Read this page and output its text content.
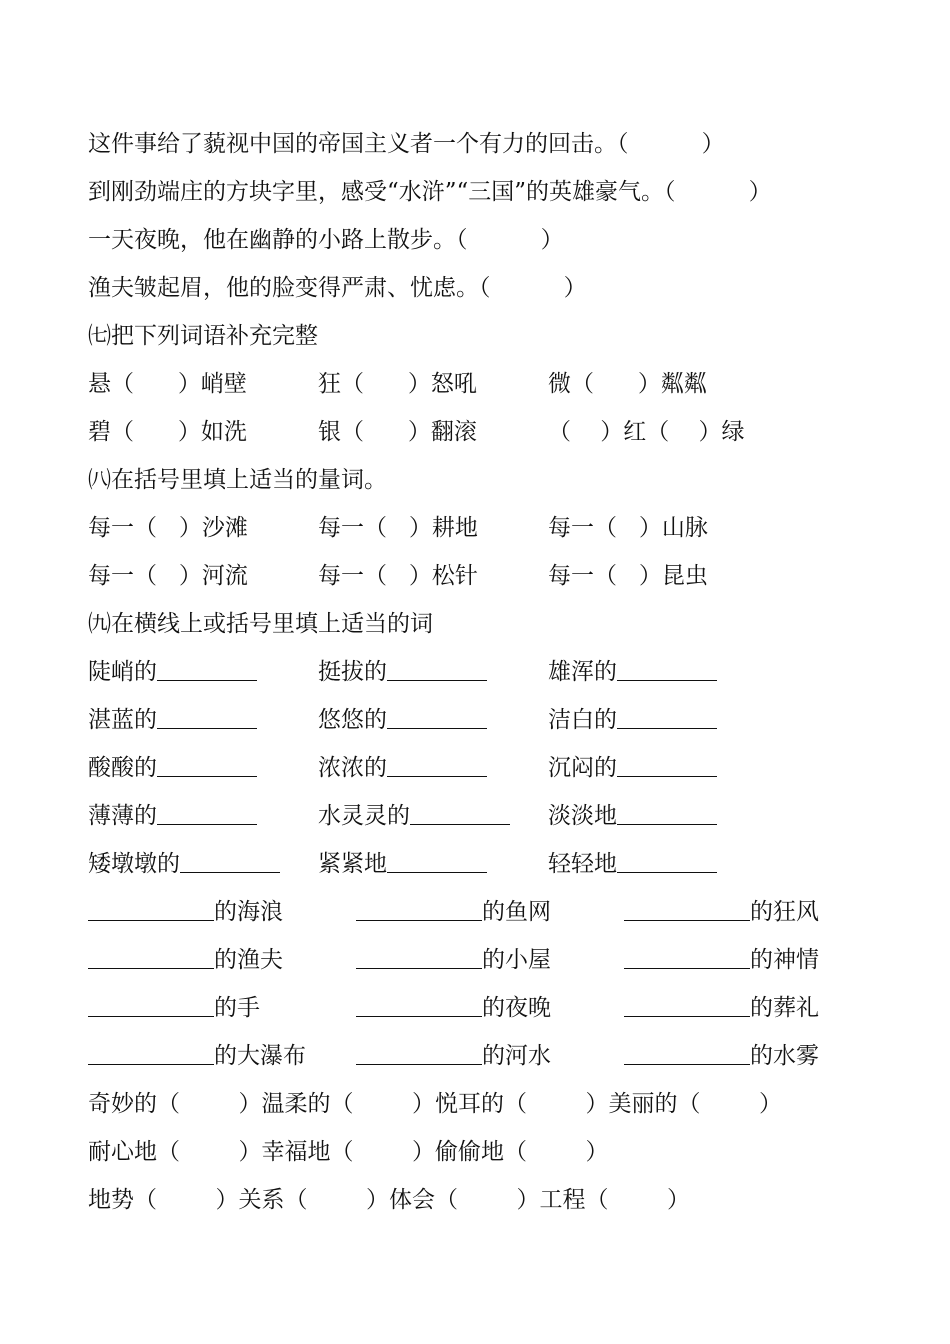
这件事给了藐视中国的帝国主义者一个有力的回击。（          ）
到刚劲端庄的方块字里，感受“水浒”“三国”的英雄豪气。（          ）
一天夜晚，他在幽静的小路上散步。（          ）
渔夫皱起眉，他的脸变得严肃、忧虑。（          ）
㈦把下列词语补充完整
悬（      ）峭壁	狂（      ）怒吼	微（      ）粼粼
碧（      ）如洗	银（      ）翻滚	（    ）红（    ）绿
㈧在括号里填上适当的量词。
每一（   ）沙滩	每一（   ）耕地	每一（   ）山脉
每一（   ）河流	每一（   ）松针	每一（   ）昆虫
㈨在横线上或括号里填上适当的词
陡峭的	挺拔的	雄浑的
湛蓝的	悠悠的	洁白的
酸酸的	浓浓的	沉闷的
薄薄的	水灵灵的	淡淡地
矮墩墩的	紧紧地	轻轻地
的海浪	的鱼网	的狂风
的渔夫	的小屋	的神情
的手	的夜晚	的葬礼
的大瀑布	的河水	的水雾
奇妙的（        ）温柔的（        ）悦耳的（        ）美丽的（        ）
耐心地（        ）幸福地（        ）偷偷地（        ）
地势（        ）关系（        ）体会（        ）工程（        ）
